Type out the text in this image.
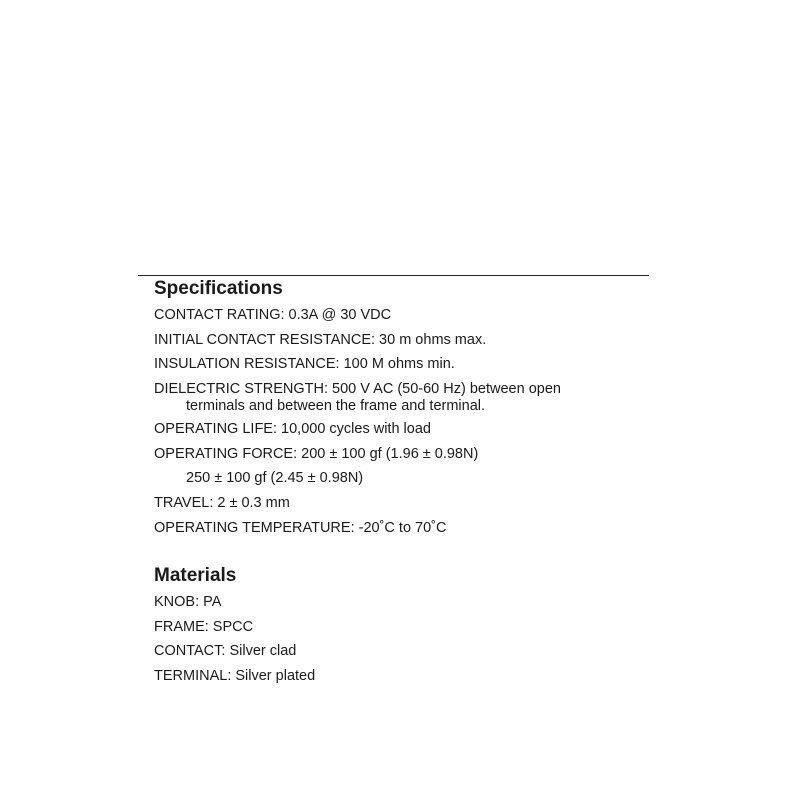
Specifications
CONTACT RATING: 0.3A @ 30 VDC
INITIAL CONTACT RESISTANCE: 30 m ohms max.
INSULATION RESISTANCE: 100 M ohms min.
DIELECTRIC STRENGTH: 500 V AC (50-60 Hz) between open
terminals and between the frame and terminal.
OPERATING LIFE: 10,000 cycles with load
OPERATING FORCE: 200 ± 100 gf (1.96 ± 0.98N)
250 ± 100 gf (2.45 ± 0.98N)
TRAVEL: 2 ± 0.3 mm
OPERATING TEMPERATURE: -20˚C to 70˚C
Materials
KNOB: PA
FRAME: SPCC
CONTACT: Silver clad
TERMINAL: Silver plated
